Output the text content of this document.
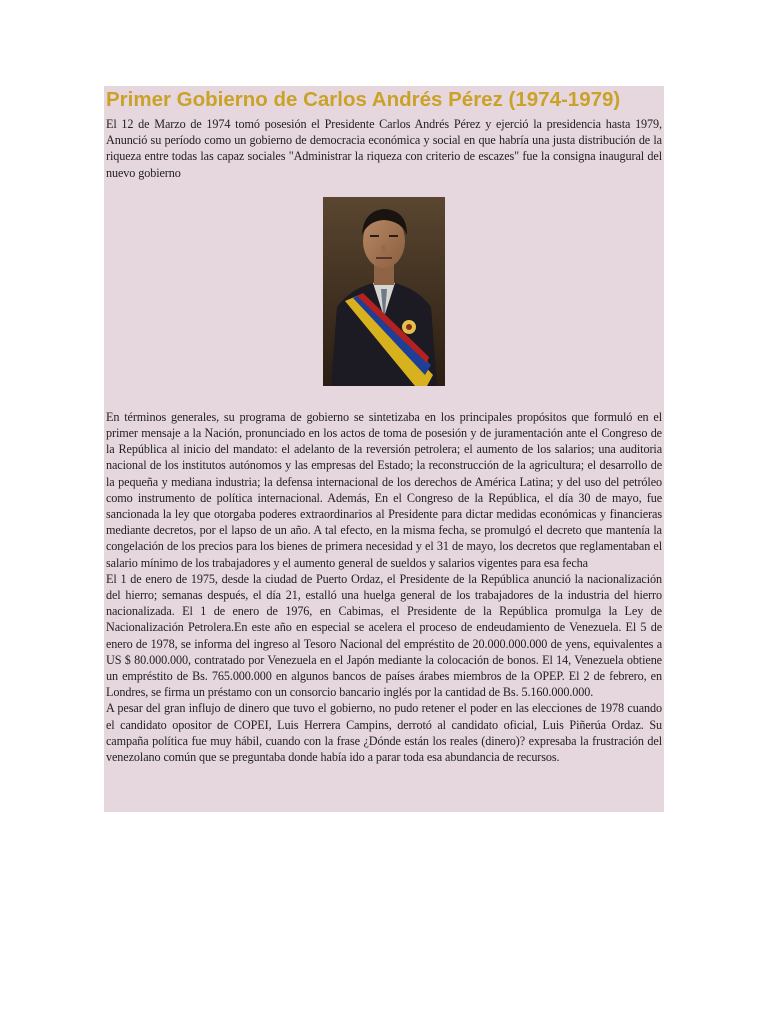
Primer Gobierno de Carlos Andrés Pérez (1974-1979)

El 12 de Marzo de 1974 tomó posesión el Presidente Carlos Andrés Pérez y ejerció la presidencia hasta 1979, Anunció su período como un gobierno de democracia económica y social en que habría una justa distribución de la riqueza entre todas las capaz sociales "Administrar la riqueza con criterio de escazes" fue la consigna inaugural del nuevo gobierno

En términos generales, su programa de gobierno se sintetizaba en los principales propósitos que formuló en el primer mensaje a la Nación, pronunciado en los actos de toma de posesión y de juramentación ante el Congreso de la República al inicio del mandato: el adelanto de la reversión petrolera; el aumento de los salarios; una auditoria nacional de los institutos autónomos y las empresas del Estado; la reconstrucción de la agricultura; el desarrollo de la pequeña y mediana industria; la defensa internacional de los derechos de América Latina; y del uso del petróleo como instrumento de política internacional. Además, En el Congreso de la República, el día 30 de mayo, fue sancionada la ley que otorgaba poderes extraordinarios al Presidente para dictar medidas económicas y financieras mediante decretos, por el lapso de un año. A tal efecto, en la misma fecha, se promulgó el decreto que mantenía la congelación de los precios para los bienes de primera necesidad y el 31 de mayo, los decretos que reglamentaban el salario mínimo de los trabajadores y el aumento general de sueldos y salarios vigentes para esa fecha

El 1 de enero de 1975, desde la ciudad de Puerto Ordaz, el Presidente de la República anunció la nacionalización del hierro; semanas después, el día 21, estalló una huelga general de los trabajadores de la industria del hierro nacionalizada. El 1 de enero de 1976, en Cabimas, el Presidente de la República promulga la Ley de Nacionalización Petrolera.En este año en especial se acelera el proceso de endeudamiento de Venezuela. El 5 de enero de 1978, se informa del ingreso al Tesoro Nacional del empréstito de 20.000.000.000 de yens, equivalentes a US $ 80.000.000, contratado por Venezuela en el Japón mediante la colocación de bonos. El 14, Venezuela obtiene un empréstito de Bs. 765.000.000 en algunos bancos de países árabes miembros de la OPEP. El 2 de febrero, en Londres, se firma un préstamo con un consorcio bancario inglés por la cantidad de Bs. 5.160.000.000.

A pesar del gran influjo de dinero que tuvo el gobierno, no pudo retener el poder en las elecciones de 1978 cuando el candidato opositor de COPEI, Luis Herrera Campins, derrotó al candidato oficial, Luis Piñerúa Ordaz. Su campaña política fue muy hábil, cuando con la frase ¿Dónde están los reales (dinero)? expresaba la frustración del venezolano común que se preguntaba donde había ido a parar toda esa abundancia de recursos.
